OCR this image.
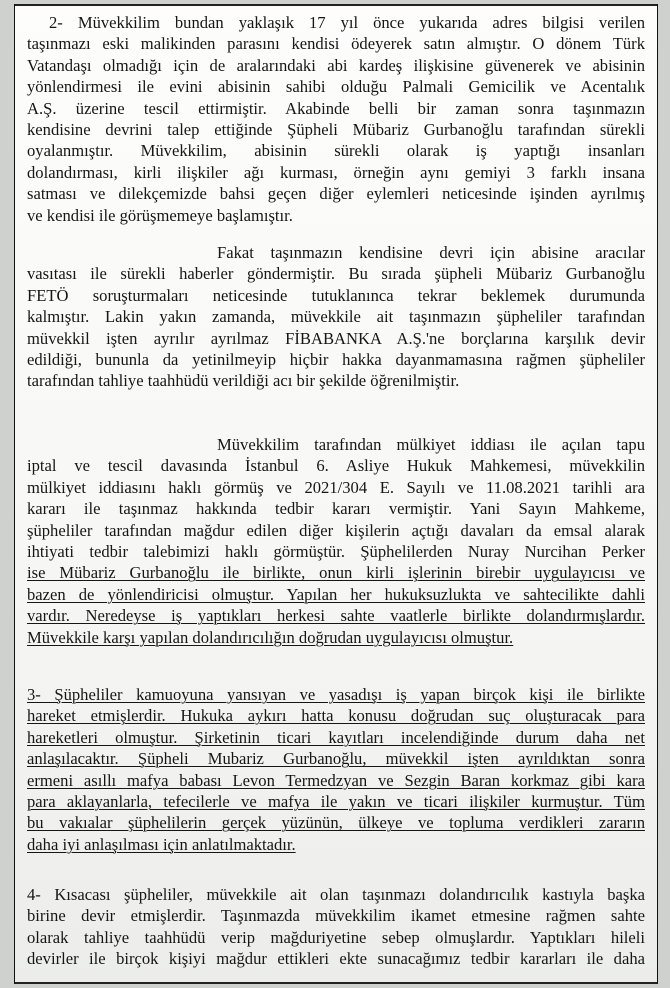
2- Müvekkilim bundan yaklaşık 17 yıl önce yukarıda adres bilgisi verilen
taşınmazı eski malikinden parasını kendisi ödeyerek satın almıştır. O dönem Türk
Vatandaşı olmadığı için de aralarındaki abi kardeş ilişkisine güvenerek ve abisinin
yönlendirmesi ile evini abisinin sahibi olduğu Palmali Gemicilik ve Acentalık
A.Ş. üzerine tescil ettirmiştir. Akabinde belli bir zaman sonra taşınmazın
kendisine devrini talep ettiğinde Şüpheli Mübariz Gurbanoğlu tarafından sürekli
oyalanmıştır. Müvekkilim, abisinin sürekli olarak iş yaptığı insanları
dolandırması, kirli ilişkiler ağı kurması, örneğin aynı gemiyi 3 farklı insana
satması ve dilekçemizde bahsi geçen diğer eylemleri neticesinde işinden ayrılmış
ve kendisi ile görüşmemeye başlamıştır.
Fakat taşınmazın kendisine devri için abisine aracılar
vasıtası ile sürekli haberler göndermiştir. Bu sırada şüpheli Mübariz Gurbanoğlu
FETÖ soruşturmaları neticesinde tutuklanınca tekrar beklemek durumunda
kalmıştır. Lakin yakın zamanda, müvekkile ait taşınmazın şüpheliler tarafından
müvekkil işten ayrılır ayrılmaz FİBABANKA A.Ş.'ne borçlarına karşılık devir
edildiği, bununla da yetinilmeyip hiçbir hakka dayanmamasına rağmen şüpheliler
tarafından tahliye taahhüdü verildiği acı bir şekilde öğrenilmiştir.
Müvekkilim tarafından mülkiyet iddiası ile açılan tapu
iptal ve tescil davasında İstanbul 6. Asliye Hukuk Mahkemesi, müvekkilin
mülkiyet iddiasını haklı görmüş ve 2021/304 E. Sayılı ve 11.08.2021 tarihli ara
kararı ile taşınmaz hakkında tedbir kararı vermiştir. Yani Sayın Mahkeme,
şüpheliler tarafından mağdur edilen diğer kişilerin açtığı davaları da emsal alarak
ihtiyati tedbir talebimizi haklı görmüştür. Şüphelilerden Nuray Nurcihan Perker
ise Mübariz Gurbanoğlu ile birlikte, onun kirli işlerinin birebir uygulayıcısı ve
bazen de yönlendiricisi olmuştur. Yapılan her hukuksuzlukta ve sahtecilikte dahli
vardır. Neredeyse iş yaptıkları herkesi sahte vaatlerle birlikte dolandırmışlardır.
Müvekkile karşı yapılan dolandırıcılığın doğrudan uygulayıcısı olmuştur.
3- Şüpheliler kamuoyuna yansıyan ve yasadışı iş yapan birçok kişi ile birlikte
hareket etmişlerdir. Hukuka aykırı hatta konusu doğrudan suç oluşturacak para
hareketleri olmuştur. Şirketinin ticari kayıtları incelendiğinde durum daha net
anlaşılacaktır. Şüpheli Mubariz Gurbanoğlu, müvekkil işten ayrıldıktan sonra
ermeni asıllı mafya babası Levon Termedzyan ve Sezgin Baran korkmaz gibi kara
para aklayanlarla, tefecilerle ve mafya ile yakın ve ticari ilişkiler kurmuştur. Tüm
bu vakıalar şüphelilerin gerçek yüzünün, ülkeye ve topluma verdikleri zararın
daha iyi anlaşılması için anlatılmaktadır.
4- Kısacası şüpheliler, müvekkile ait olan taşınmazı dolandırıcılık kastıyla başka
birine devir etmişlerdir. Taşınmazda müvekkilim ikamet etmesine rağmen sahte
olarak tahliye taahhüdü verip mağduriyetine sebep olmuşlardır. Yaptıkları hileli
devirler ile birçok kişiyi mağdur ettikleri ekte sunacağımız tedbir kararları ile daha
